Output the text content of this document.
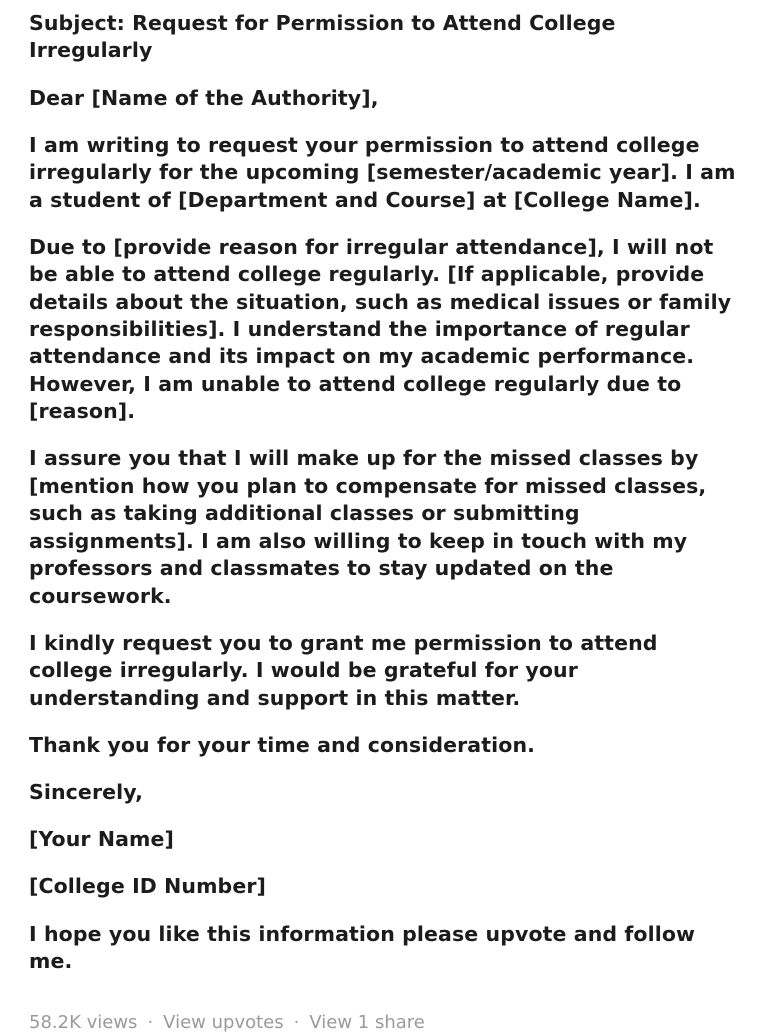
Subject: Request for Permission to Attend College Irregularly

Dear [Name of the Authority],

I am writing to request your permission to attend college irregularly for the upcoming [semester/academic year]. I am a student of [Department and Course] at [College Name].

Due to [provide reason for irregular attendance], I will not be able to attend college regularly. [If applicable, provide details about the situation, such as medical issues or family responsibilities]. I understand the importance of regular attendance and its impact on my academic performance. However, I am unable to attend college regularly due to [reason].

I assure you that I will make up for the missed classes by [mention how you plan to compensate for missed classes, such as taking additional classes or submitting assignments]. I am also willing to keep in touch with my professors and classmates to stay updated on the coursework.

I kindly request you to grant me permission to attend college irregularly. I would be grateful for your understanding and support in this matter.

Thank you for your time and consideration.

Sincerely,

[Your Name]

[College ID Number]

I hope you like this information please upvote and follow me.

58.2K views · View upvotes · View 1 share
